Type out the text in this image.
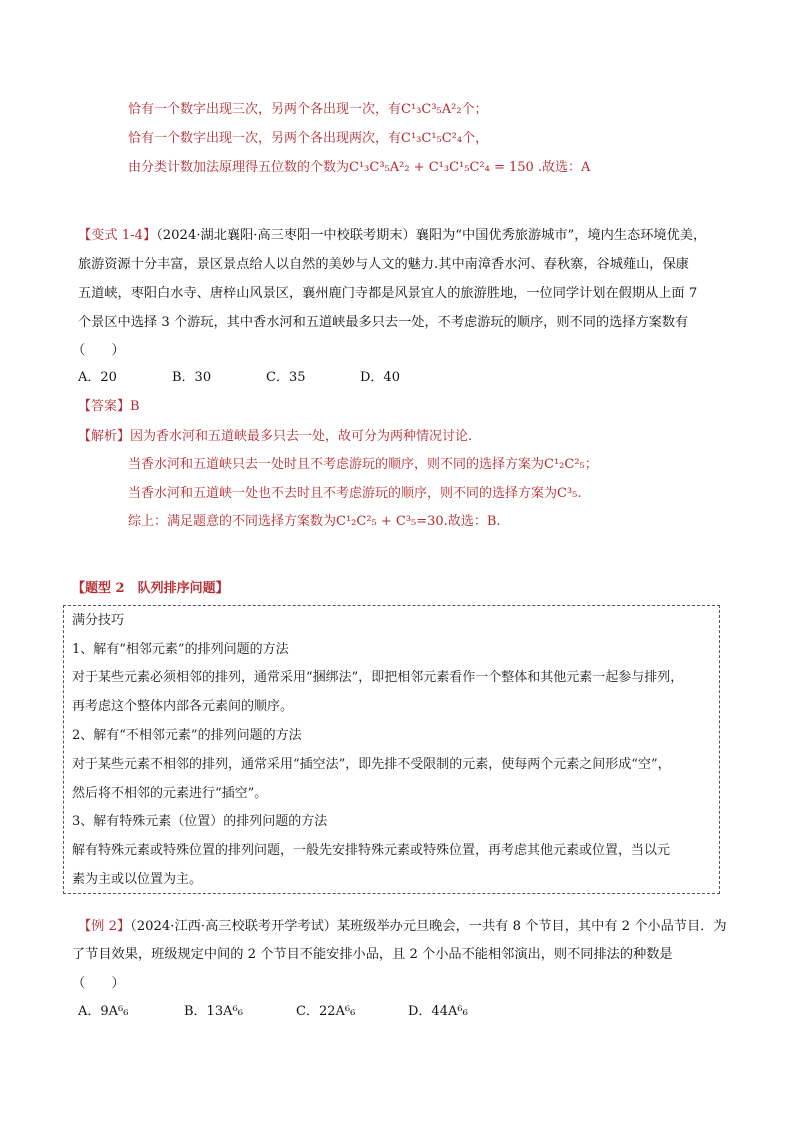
恰有一个数字出现三次，另两个各出现一次，有C¹₃C³₅A²₂个；
恰有一个数字出现一次，另两个各出现两次，有C¹₃C¹₅C²₄个，
由分类计数加法原理得五位数的个数为C¹₃C³₅A²₂ + C¹₃C¹₅C²₄ = 150 .故选：A
【变式 1-4】（2024·湖北襄阳·高三枣阳一中校联考期末）襄阳为“中国优秀旅游城市”，境内生态环境优美，
旅游资源十分丰富，景区景点给人以自然的美妙与人文的魅力.其中南漳香水河、春秋寨，谷城薤山，保康
五道峡，枣阳白水寺、唐梓山风景区，襄州鹿门寺都是风景宜人的旅游胜地，一位同学计划在假期从上面 7
个景区中选择 3 个游玩，其中香水河和五道峡最多只去一处，不考虑游玩的顺序，则不同的选择方案数有
（　　）
A．20	B．30	C．35	D．40
【答案】B
【解析】因为香水河和五道峡最多只去一处，故可分为两种情况讨论.
当香水河和五道峡只去一处时且不考虑游玩的顺序，则不同的选择方案为C¹₂C²₅；
当香水河和五道峡一处也不去时且不考虑游玩的顺序，则不同的选择方案为C³₅.
综上：满足题意的不同选择方案数为C¹₂C²₅ + C³₅=30.故选：B.
【题型 2　队列排序问题】
满分技巧
1、解有“相邻元素”的排列问题的方法
对于某些元素必须相邻的排列，通常采用“捆绑法”，即把相邻元素看作一个整体和其他元素一起参与排列，
再考虑这个整体内部各元素间的顺序。
2、解有“不相邻元素”的排列问题的方法
对于某些元素不相邻的排列，通常采用“插空法”，即先排不受限制的元素，使每两个元素之间形成“空”，
然后将不相邻的元素进行“插空”。
3、解有特殊元素（位置）的排列问题的方法
解有特殊元素或特殊位置的排列问题，一般先安排特殊元素或特殊位置，再考虑其他元素或位置，当以元
素为主或以位置为主。
【例 2】（2024·江西·高三校联考开学考试）某班级举办元旦晚会，一共有 8 个节目，其中有 2 个小品节目．为
了节目效果，班级规定中间的 2 个节目不能安排小品，且 2 个小品不能相邻演出，则不同排法的种数是
（　　）
A．9A⁶₆	B．13A⁶₆	C．22A⁶₆	D．44A⁶₆
